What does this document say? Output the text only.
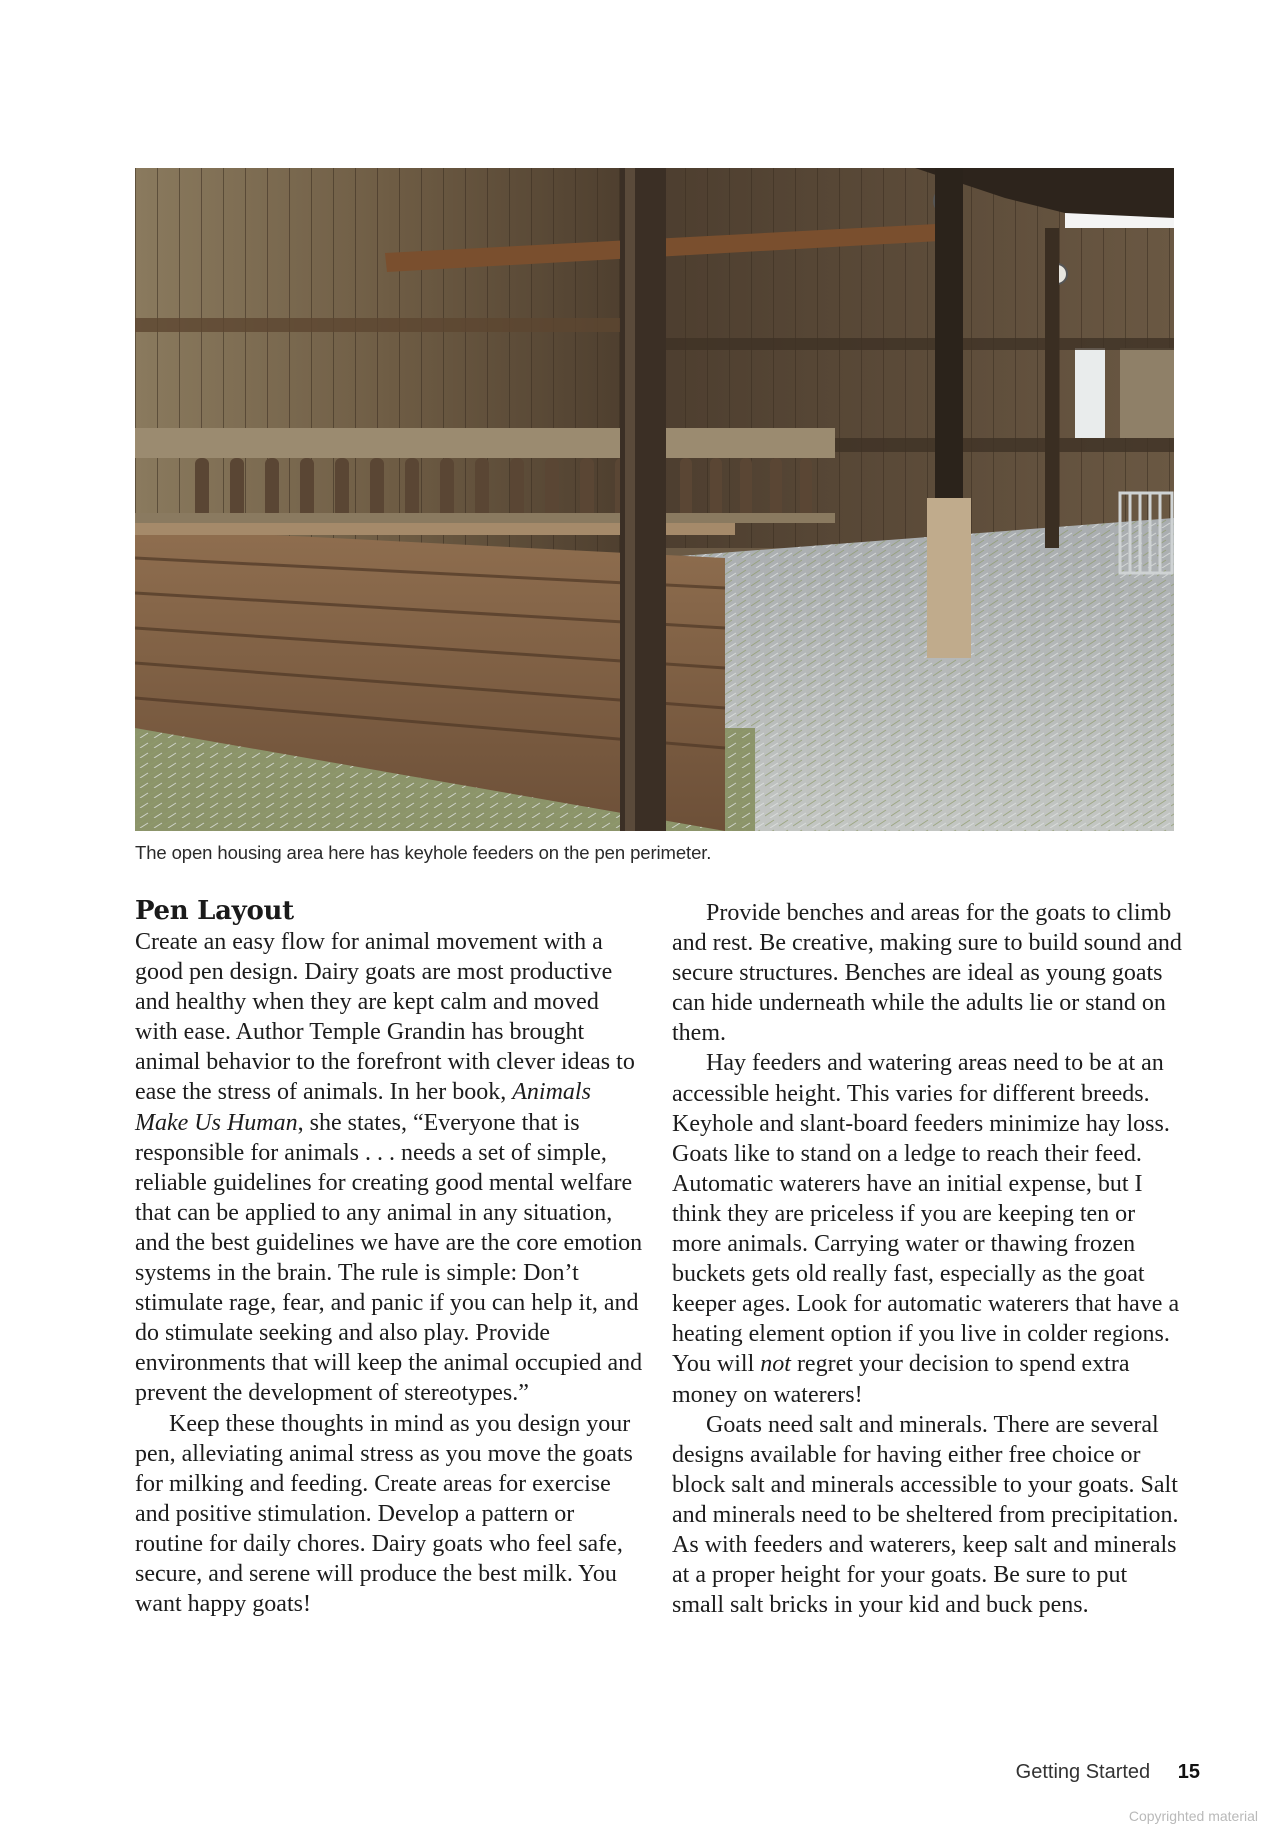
The open housing area here has keyhole feeders on the pen perimeter.
Pen Layout

Create an easy flow for animal movement with a good pen design. Dairy goats are most productive and healthy when they are kept calm and moved with ease. Author Temple Grandin has brought animal behavior to the forefront with clever ideas to ease the stress of animals. In her book, Animals Make Us Human, she states, “Everyone that is responsible for animals . . . needs a set of simple, reliable guidelines for creating good mental welfare that can be applied to any animal in any situation, and the best guidelines we have are the core emotion systems in the brain. The rule is simple: Don’t stimulate rage, fear, and panic if you can help it, and do stimulate seeking and also play. Provide environments that will keep the animal occupied and prevent the development of stereotypes.”

Keep these thoughts in mind as you design your pen, alleviating animal stress as you move the goats for milking and feeding. Create areas for exercise and positive stimulation. Develop a pattern or routine for daily chores. Dairy goats who feel safe, secure, and serene will produce the best milk. You want happy goats!

Provide benches and areas for the goats to climb and rest. Be creative, making sure to build sound and secure structures. Benches are ideal as young goats can hide underneath while the adults lie or stand on them.

Hay feeders and watering areas need to be at an accessible height. This varies for different breeds. Keyhole and slant-board feeders minimize hay loss. Goats like to stand on a ledge to reach their feed. Automatic waterers have an initial expense, but I think they are priceless if you are keeping ten or more animals. Carrying water or thawing frozen buckets gets old really fast, especially as the goat keeper ages. Look for automatic waterers that have a heating element option if you live in colder regions. You will not regret your decision to spend extra money on waterers!

Goats need salt and minerals. There are several designs available for having either free choice or block salt and minerals accessible to your goats. Salt and minerals need to be sheltered from precipitation. As with feeders and waterers, keep salt and minerals at a proper height for your goats. Be sure to put small salt bricks in your kid and buck pens.

Getting Started 15
Copyrighted material
